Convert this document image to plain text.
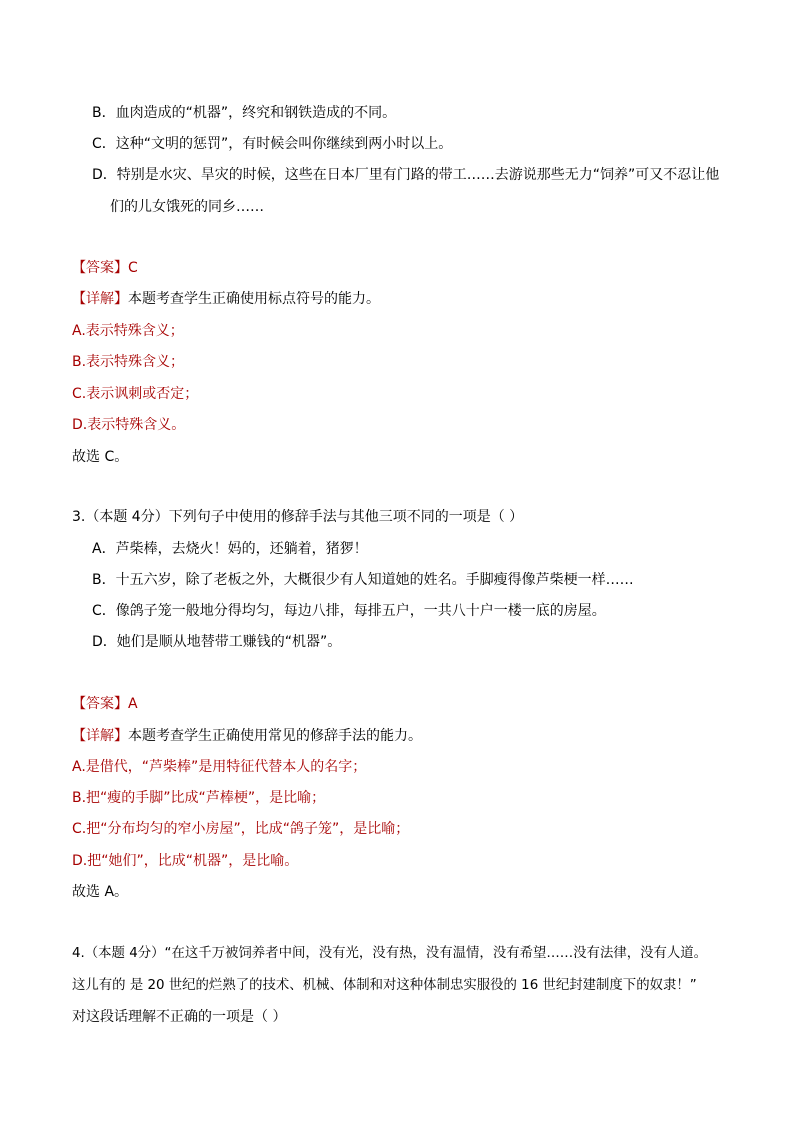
B．血肉造成的“机器”，终究和钢铁造成的不同。
C．这种“文明的惩罚”，有时候会叫你继续到两小时以上。
D．特别是水灾、旱灾的时候，这些在日本厂里有门路的带工……去游说那些无力“饲养”可又不忍让他
们的儿女饿死的同乡……
【答案】C
【详解】本题考查学生正确使用标点符号的能力。
A.表示特殊含义；
B.表示特殊含义；
C.表示讽刺或否定；
D.表示特殊含义。
故选 C。
3.（本题 4分）下列句子中使用的修辞手法与其他三项不同的一项是（ ）
A．芦柴棒，去烧火！妈的，还躺着，猪猡！
B．十五六岁，除了老板之外，大概很少有人知道她的姓名。手脚瘦得像芦柴梗一样……
C．像鸽子笼一般地分得均匀，每边八排，每排五户，一共八十户一楼一底的房屋。
D．她们是顺从地替带工赚钱的“机器”。
【答案】A
【详解】本题考查学生正确使用常见的修辞手法的能力。
A.是借代，“芦柴棒”是用特征代替本人的名字；
B.把“瘦的手脚”比成“芦棒梗”，是比喻；
C.把“分布均匀的窄小房屋”，比成“鸽子笼”，是比喻；
D.把“她们”，比成“机器”，是比喻。
故选 A。
4.（本题 4分）“在这千万被饲养者中间，没有光，没有热，没有温情，没有希望……没有法律，没有人道。
这儿有的 是 20 世纪的烂熟了的技术、机械、体制和对这种体制忠实服役的 16 世纪封建制度下的奴隶！”
对这段话理解不正确的一项是（ ）
